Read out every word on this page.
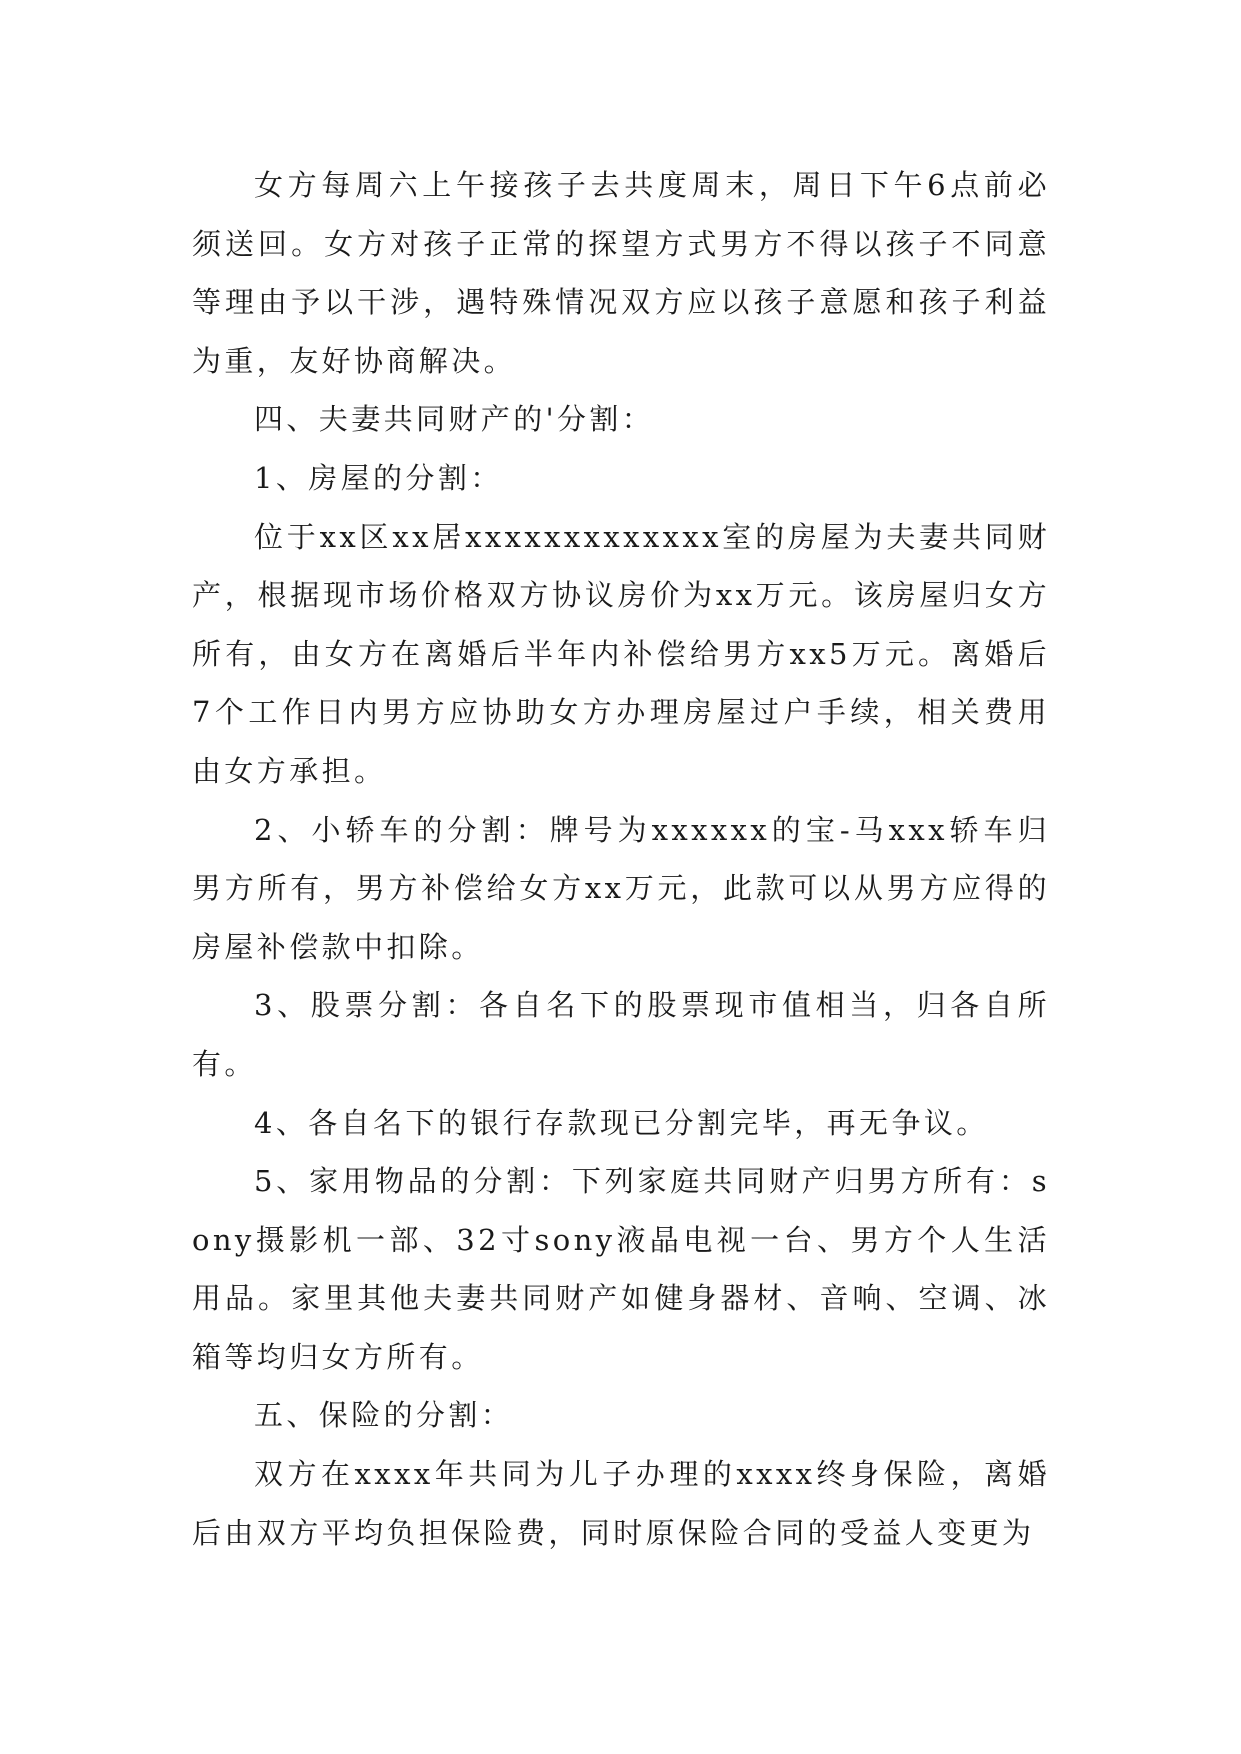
女方每周六上午接孩子去共度周末，周日下午6点前必须送回。女方对孩子正常的探望方式男方不得以孩子不同意等理由予以干涉，遇特殊情况双方应以孩子意愿和孩子利益为重，友好协商解决。

四、夫妻共同财产的'分割：

1、房屋的分割：

位于xx区xx居xxxxxxxxxxxxx室的房屋为夫妻共同财产，根据现市场价格双方协议房价为xx万元。该房屋归女方所有，由女方在离婚后半年内补偿给男方xx5万元。离婚后7个工作日内男方应协助女方办理房屋过户手续，相关费用由女方承担。

2、小轿车的分割：牌号为xxxxxx的宝-马xxx轿车归男方所有，男方补偿给女方xx万元，此款可以从男方应得的房屋补偿款中扣除。

3、股票分割：各自名下的股票现市值相当，归各自所有。

4、各自名下的银行存款现已分割完毕，再无争议。

5、家用物品的分割：下列家庭共同财产归男方所有：sony摄影机一部、32寸sony液晶电视一台、男方个人生活用品。家里其他夫妻共同财产如健身器材、音响、空调、冰箱等均归女方所有。

五、保险的分割：

双方在xxxx年共同为儿子办理的xxxx终身保险，离婚后由双方平均负担保险费，同时原保险合同的受益人变更为
